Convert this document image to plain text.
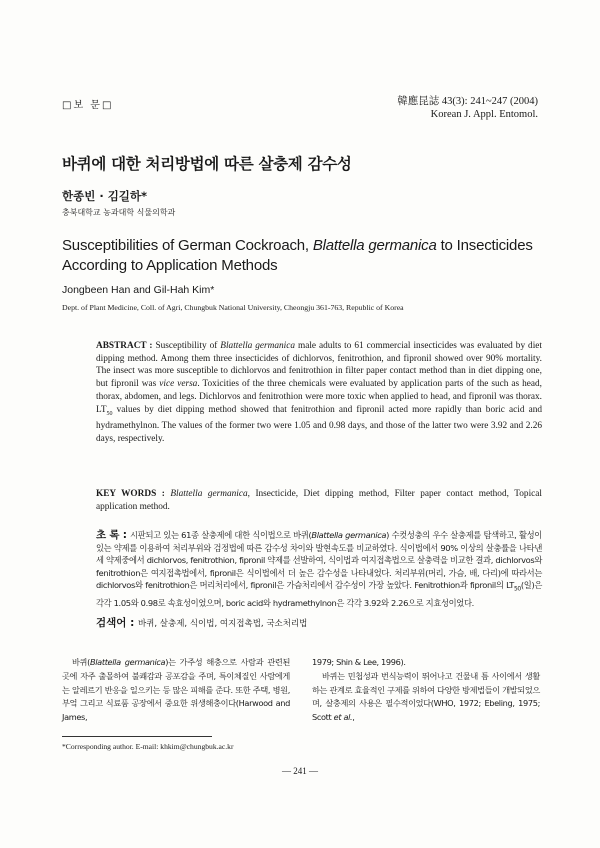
□보 문□	韓應昆誌 43(3): 241~247 (2004)
Korean J. Appl. Entomol.
바퀴에 대한 처리방법에 따른 살충제 감수성
한종빈 · 김길하*
충북대학교 농과대학 식물의학과
Susceptibilities of German Cockroach, Blattella germanica to Insecticides According to Application Methods
Jongbeen Han and Gil-Hah Kim*
Dept. of Plant Medicine, Coll. of Agri, Chungbuk National University, Cheongju 361-763, Republic of Korea
ABSTRACT : Susceptibility of Blattella germanica male adults to 61 commercial insecticides was evaluated by diet dipping method. Among them three insecticides of dichlorvos, fenitrothion, and fipronil showed over 90% mortality. The insect was more susceptible to dichlorvos and fenitrothion in filter paper contact method than in diet dipping one, but fipronil was vice versa. Toxicities of the three chemicals were evaluated by application parts of the such as head, thorax, abdomen, and legs. Dichlorvos and fenitrothion were more toxic when applied to head, and fipronil was thorax. $LT_{50}$ values by diet dipping method showed that fenitrothion and fipronil acted more rapidly than boric acid and hydramethylnon. The values of the former two were 1.05 and 0.98 days, and those of the latter two were 3.92 and 2.26 days, respectively.
KEY WORDS : Blattella germanica, Insecticide, Diet dipping method, Filter paper contact method, Topical application method.
초 록 : 시판되고 있는 61종 살충제에 대한 식이법으로 바퀴(Blattella germanica) 수컷성충의 우수 살충제를 탐색하고, 활성이 있는 약제를 이용하여 처리부위와 검정법에 따른 감수성 차이와 발현속도를 비교하였다. 식이법에서 90% 이상의 살충률을 나타낸 세 약제중에서 dichlorvos, fenitrothion, fipronil 약제를 선발하여, 식이법과 여지접촉법으로 살충력을 비교한 결과, dichlorvos와 fenitrothion은 여지접촉법에서, fipronil은 식이법에서 더 높은 감수성을 나타내었다. 처리부위(머리, 가슴, 배, 다리)에 따라서는 dichlorvos와 fenitrothion은 머리처리에서, fipronil은 가슴처리에서 감수성이 가장 높았다. Fenitrothion과 fipronil의 $LT_{50}$(일)은 각각 1.05와 0.98로 속효성이었으며, boric acid와 hydramethylnon은 각각 3.92와 2.26으로 지효성이었다.
검색어 : 바퀴, 살충제, 식이법, 여지접촉법, 국소처리법
바퀴(Blattella germanica)는 가주성 해충으로 사람과 관련된 곳에 자주 출몰하여 불쾌감과 공포감을 주며, 특이체질인 사람에게는 알레르기 반응을 일으키는 등 많은 피해를 준다. 또한 주택, 병원, 부엌 그리고 식료품 공장에서 중요한 위생해충이다(Harwood and James,
1979; Shin & Lee, 1996).
바퀴는 민첩성과 번식능력이 뛰어나고 건물내 틈 사이에서 생활하는 관계로 효율적인 구제를 위하여 다양한 방제법들이 개발되었으며, 살충제의 사용은 필수적이었다(WHO, 1972; Ebeling, 1975; Scott et al.,
*Corresponding author. E-mail: khkim@chungbuk.ac.kr
— 241 —
